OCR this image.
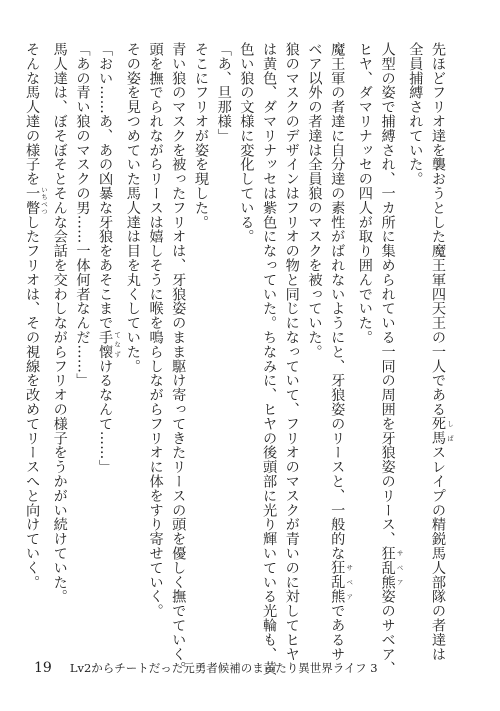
先ほどフリオ達を襲おうとした魔王軍四天王の一人である死馬 しばスレイプの精鋭馬人部隊の者達は

全員捕縛されていた。

人型の姿で捕縛され、一カ所に集められている一同の周囲を牙狼姿のリース、狂乱熊 サベア姿のサベア、

ヒヤ、ダマリナッセの四人が取り囲んでいた。

魔王軍の者達に自分達の素性がばれないようにと、牙狼姿のリースと、一般的な狂乱熊 サベアであるサ

ベア以外の者達は全員狼のマスクを被っていた。

狼のマスクのデザインはフリオの物と同じになっていて、フリオのマスクが青いのに対してヒヤ

は黄色、ダマリナッセは紫色になっていた。ちなみに、ヒヤの後頭部に光り輝いている光輪も、黄

色い狼の文様に変化している。

「あ、旦那様」

そこにフリオが姿を現した。

青い狼のマスクを被ったフリオは、牙狼姿のまま駆け寄ってきたリースの頭を優しく撫でていく。

頭を撫でられながらリースは嬉しそうに喉を鳴らしながらフリオに体をすり寄せていく。

その姿を見つめていた馬人達は目を丸くしていた。

「おい……あ、あの凶暴な牙狼をあそこまで手懐 てなずけるなんて……」

「あの青い狼のマスクの男……一体何者なんだ……」

馬人達は、ぼそぼそとそんな会話を交わしながらフリオの様子をうかがい続けていた。

そんな馬人達の様子を一瞥 いちべつしたフリオは、その視線を改めてリースへと向けていく。

19 Lv2からチートだった元勇者候補のまったり異世界ライフ 3
